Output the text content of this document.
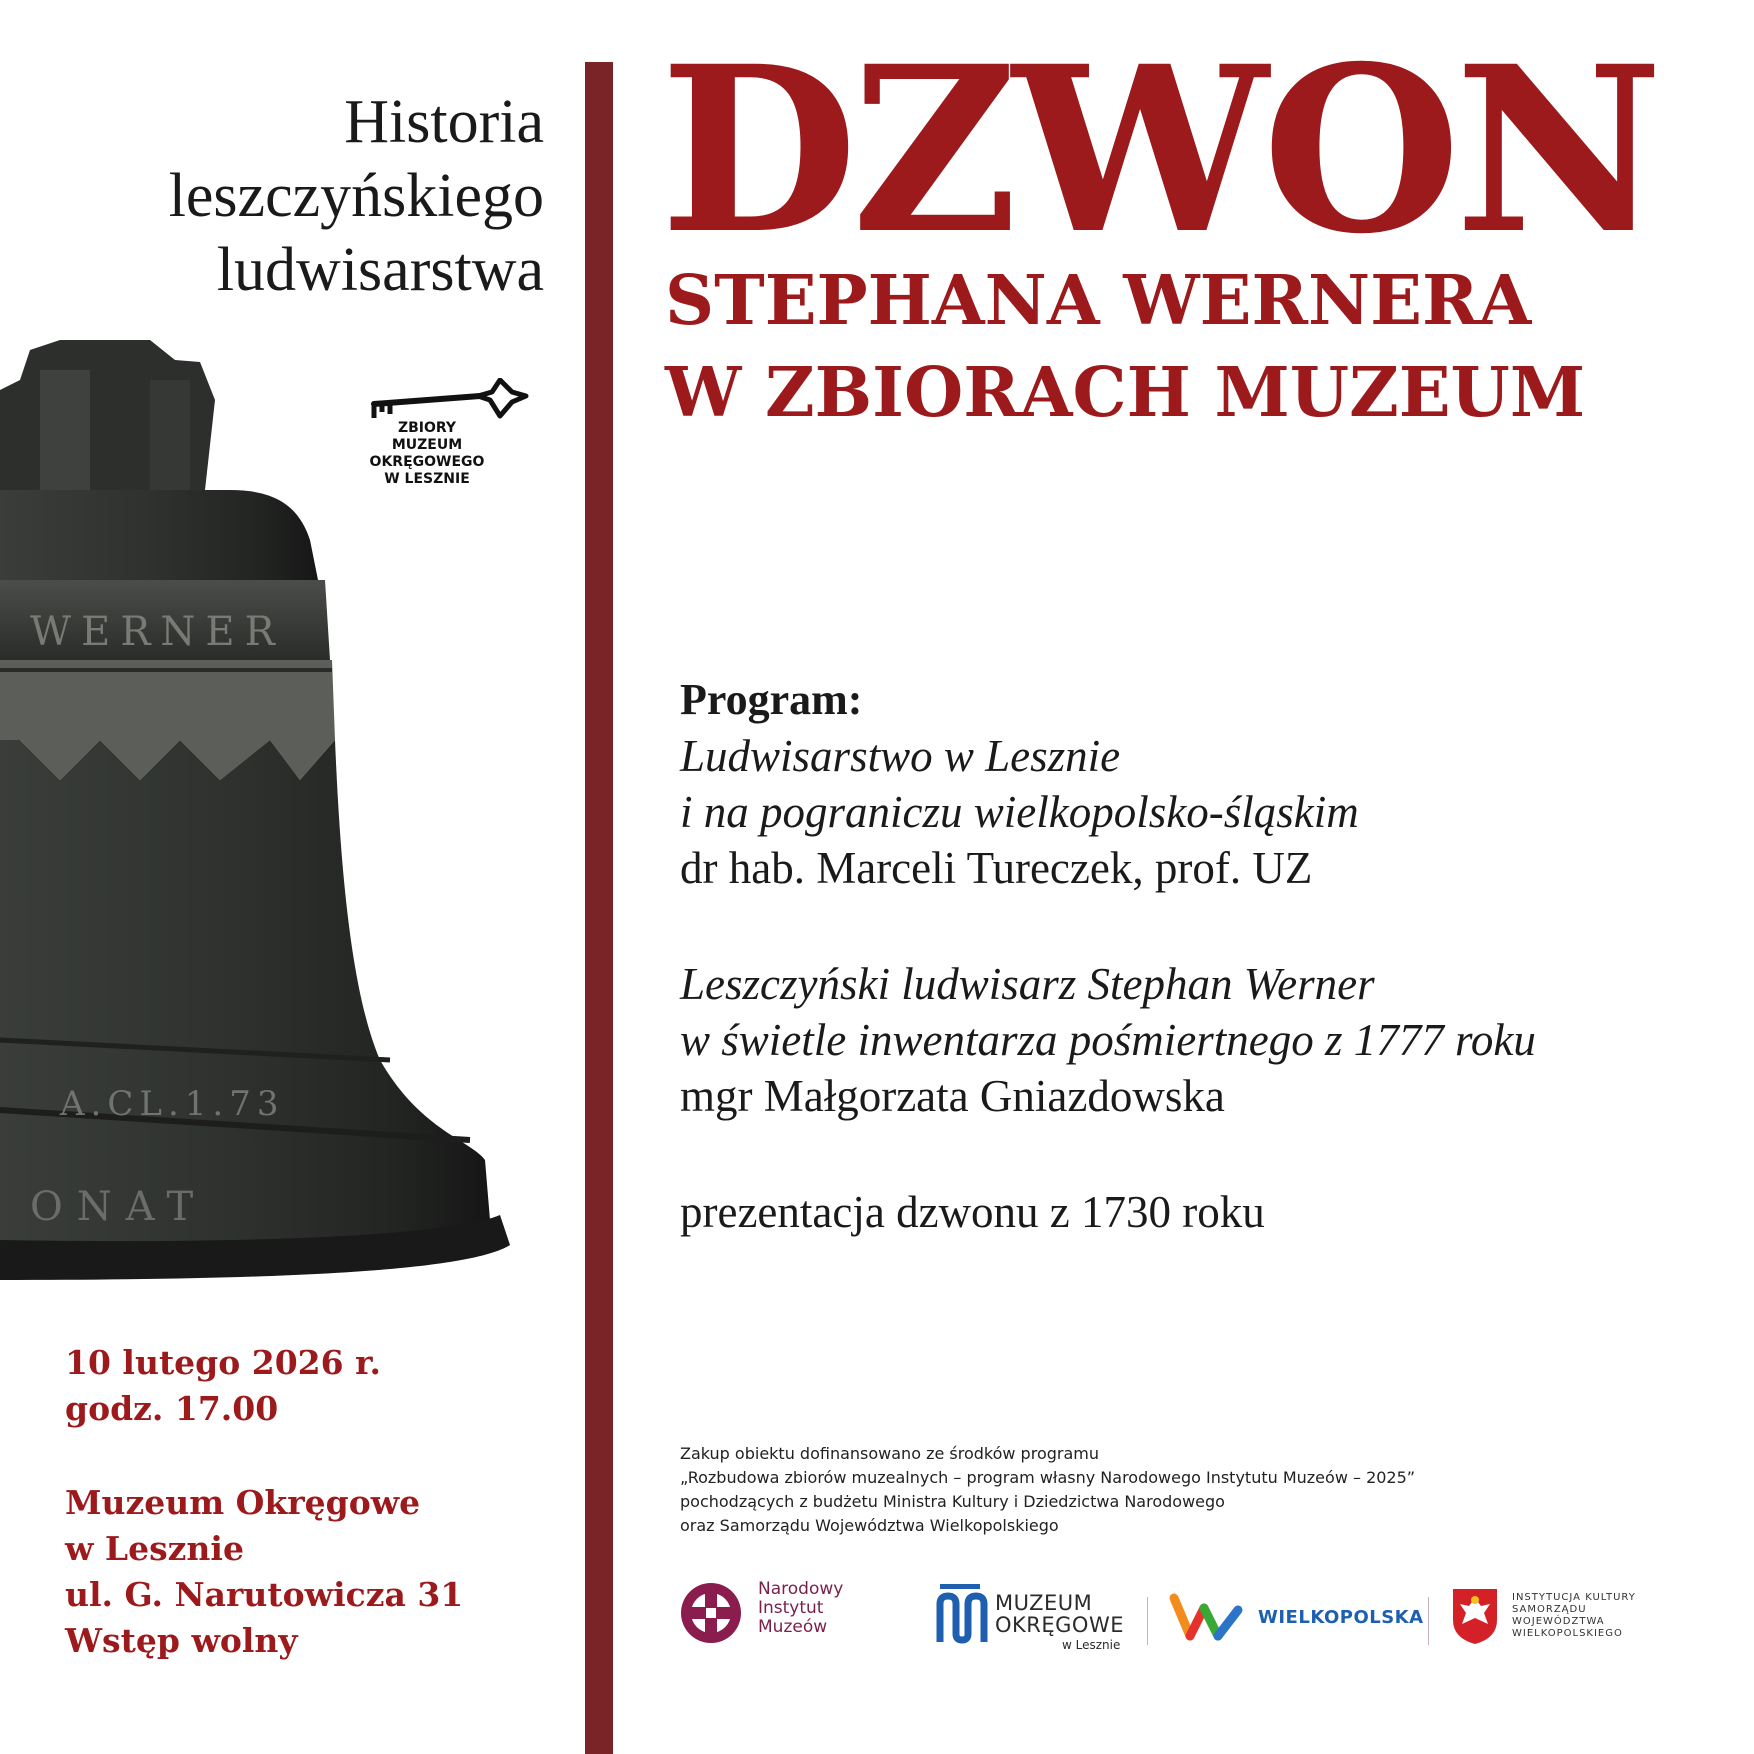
Historia
leszczyńskiego
ludwisarstwa
WERNER
A.CL.1.73
ONAT
ZBIORY
MUZEUM
OKRĘGOWEGO
W LESZNIE
DZWON
STEPHANA WERNERA
W ZBIORACH MUZEUM
Program:
Ludwisarstwo w Lesznie
i na pograniczu wielkopolsko-śląskim
dr hab. Marceli Tureczek, prof. UZ
Leszczyński ludwisarz Stephan Werner
w świetle inwentarza pośmiertnego z 1777 roku
mgr Małgorzata Gniazdowska
prezentacja dzwonu z 1730 roku
10 lutego 2026 r.
godz. 17.00
Muzeum Okręgowe
w Lesznie
ul. G. Narutowicza 31
Wstęp wolny
Zakup obiektu dofinansowano ze środków programu
„Rozbudowa zbiorów muzealnych – program własny Narodowego Instytutu Muzeów – 2025”
pochodzących z budżetu Ministra Kultury i Dziedzictwa Narodowego
oraz Samorządu Województwa Wielkopolskiego
Narodowy
Instytut
Muzeów
MUZEUM
OKRĘGOWE
w Lesznie
WIELKOPOLSKA
INSTYTUCJA KULTURY
SAMORZĄDU
WOJEWÓDZTWA
WIELKOPOLSKIEGO
